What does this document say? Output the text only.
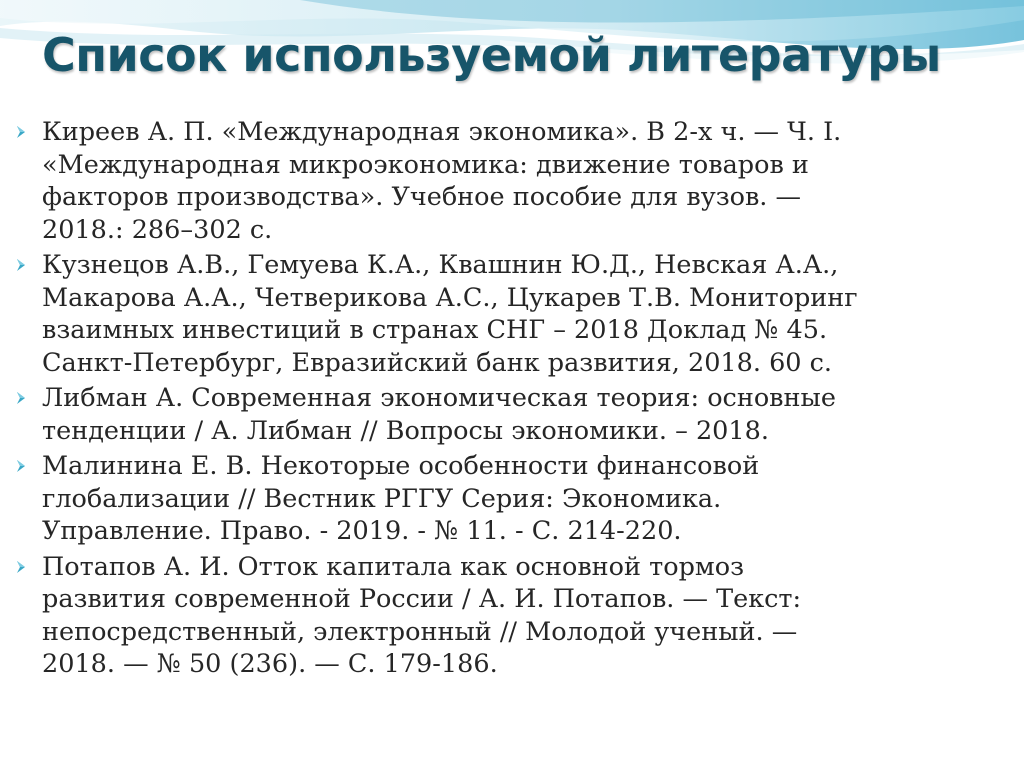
Список используемой литературы
Киреев А. П. «Международная экономика». В 2-х ч. — Ч. I.
«Международная микроэкономика: движение товаров и
факторов производства». Учебное пособие для вузов. —
2018.: 286–302 с.
Кузнецов А.В., Гемуева К.А., Квашнин Ю.Д., Невская А.А.,
Макарова А.А., Четверикова А.С., Цукарев Т.В. Мониторинг
взаимных инвестиций в странах СНГ – 2018 Доклад № 45.
Санкт-Петербург, Евразийский банк развития, 2018. 60 с.
Либман А. Современная экономическая теория: основные
тенденции / А. Либман // Вопросы экономики. – 2018.
Малинина Е. В. Некоторые особенности финансовой
глобализации // Вестник РГГУ Серия: Экономика.
Управление. Право. - 2019. - № 11. - С. 214-220.
Потапов А. И. Отток капитала как основной тормоз
развития современной России / А. И. Потапов. — Текст:
непосредственный, электронный // Молодой ученый. —
2018. — № 50 (236). — С. 179-186.
